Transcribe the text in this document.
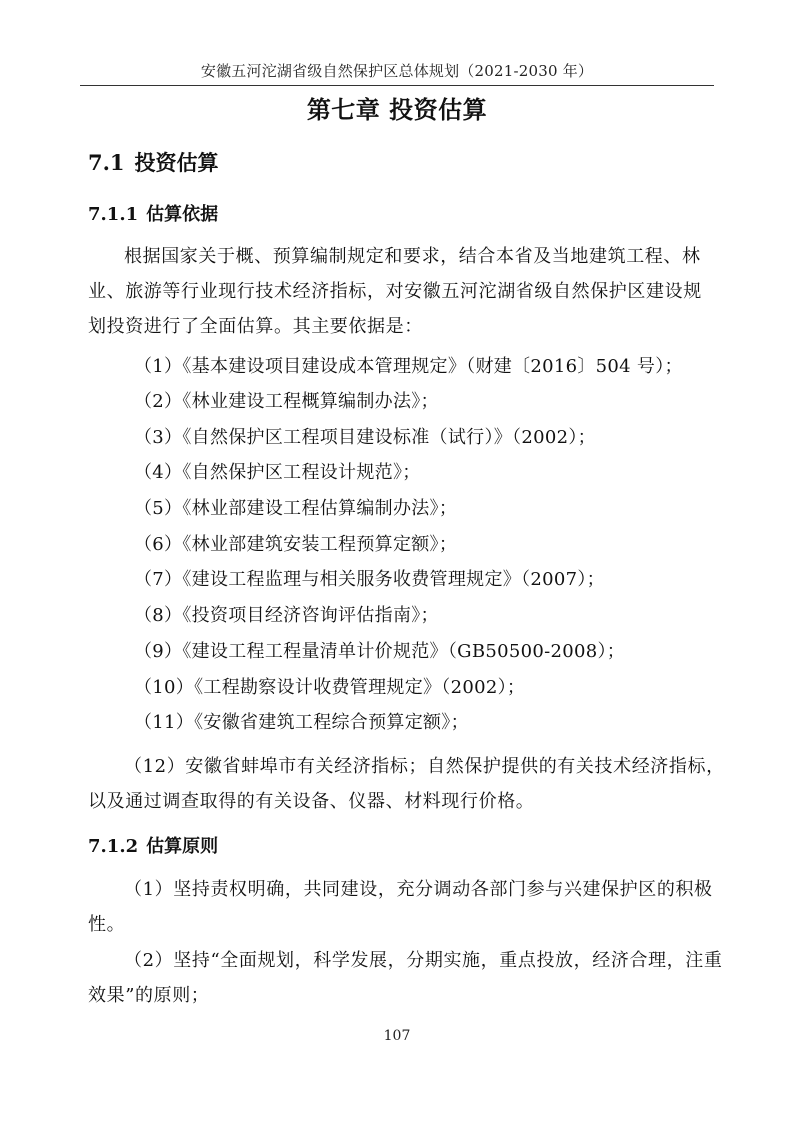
安徽五河沱湖省级自然保护区总体规划（2021-2030 年）
第七章 投资估算
7.1 投资估算
7.1.1 估算依据
根据国家关于概、预算编制规定和要求，结合本省及当地建筑工程、林
业、旅游等行业现行技术经济指标，对安徽五河沱湖省级自然保护区建设规
划投资进行了全面估算。其主要依据是：
（1）《基本建设项目建设成本管理规定》（财建〔2016〕504 号）；
（2）《林业建设工程概算编制办法》；
（3）《自然保护区工程项目建设标准（试行）》（2002）；
（4）《自然保护区工程设计规范》；
（5）《林业部建设工程估算编制办法》；
（6）《林业部建筑安装工程预算定额》；
（7）《建设工程监理与相关服务收费管理规定》（2007）；
（8）《投资项目经济咨询评估指南》；
（9）《建设工程工程量清单计价规范》（GB50500-2008）；
（10）《工程勘察设计收费管理规定》（2002）；
（11）《安徽省建筑工程综合预算定额》；
（12）安徽省蚌埠市有关经济指标；自然保护提供的有关技术经济指标，
以及通过调查取得的有关设备、仪器、材料现行价格。
7.1.2 估算原则
（1）坚持责权明确，共同建设，充分调动各部门参与兴建保护区的积极
性。
（2）坚持“全面规划，科学发展，分期实施，重点投放，经济合理，注重
效果”的原则；
107
